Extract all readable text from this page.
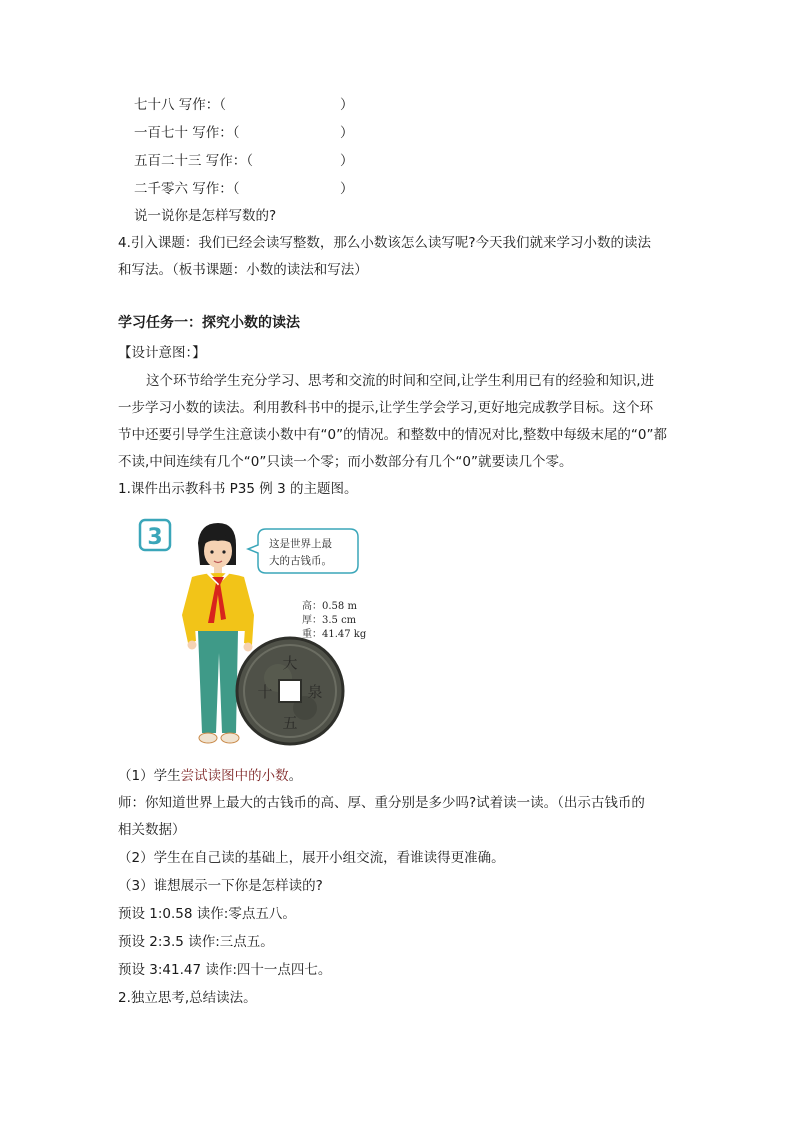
七十八 写作：（	）
一百七十 写作：（	）
五百二十三 写作：（	）
二千零六 写作：（	）
说一说你是怎样写数的?
4.引入课题：我们已经会读写整数，那么小数该怎么读写呢?今天我们就来学习小数的读法
和写法。（板书课题：小数的读法和写法）
学习任务一：探究小数的读法
【设计意图：】
这个环节给学生充分学习、思考和交流的时间和空间,让学生利用已有的经验和知识,进
一步学习小数的读法。利用教科书中的提示,让学生学会学习,更好地完成教学目标。这个环
节中还要引导学生注意读小数中有“0”的情况。和整数中的情况对比,整数中每级末尾的“0”都
不读,中间连续有几个“0”只读一个零；而小数部分有几个“0”就要读几个零。
1.课件出示教科书 P35 例 3 的主题图。
3	这是世界上最
大的古钱币。
高：0.58 m
厚：3.5 cm
重：41.47 kg
大
泉
五
十
（1）学生尝试读图中的小数。
师：你知道世界上最大的古钱币的高、厚、重分别是多少吗?试着读一读。（出示古钱币的
相关数据）
（2）学生在自己读的基础上，展开小组交流，看谁读得更准确。
（3）谁想展示一下你是怎样读的?
预设 1:0.58 读作:零点五八。
预设 2:3.5 读作:三点五。
预设 3:41.47 读作:四十一点四七。
2.独立思考,总结读法。
